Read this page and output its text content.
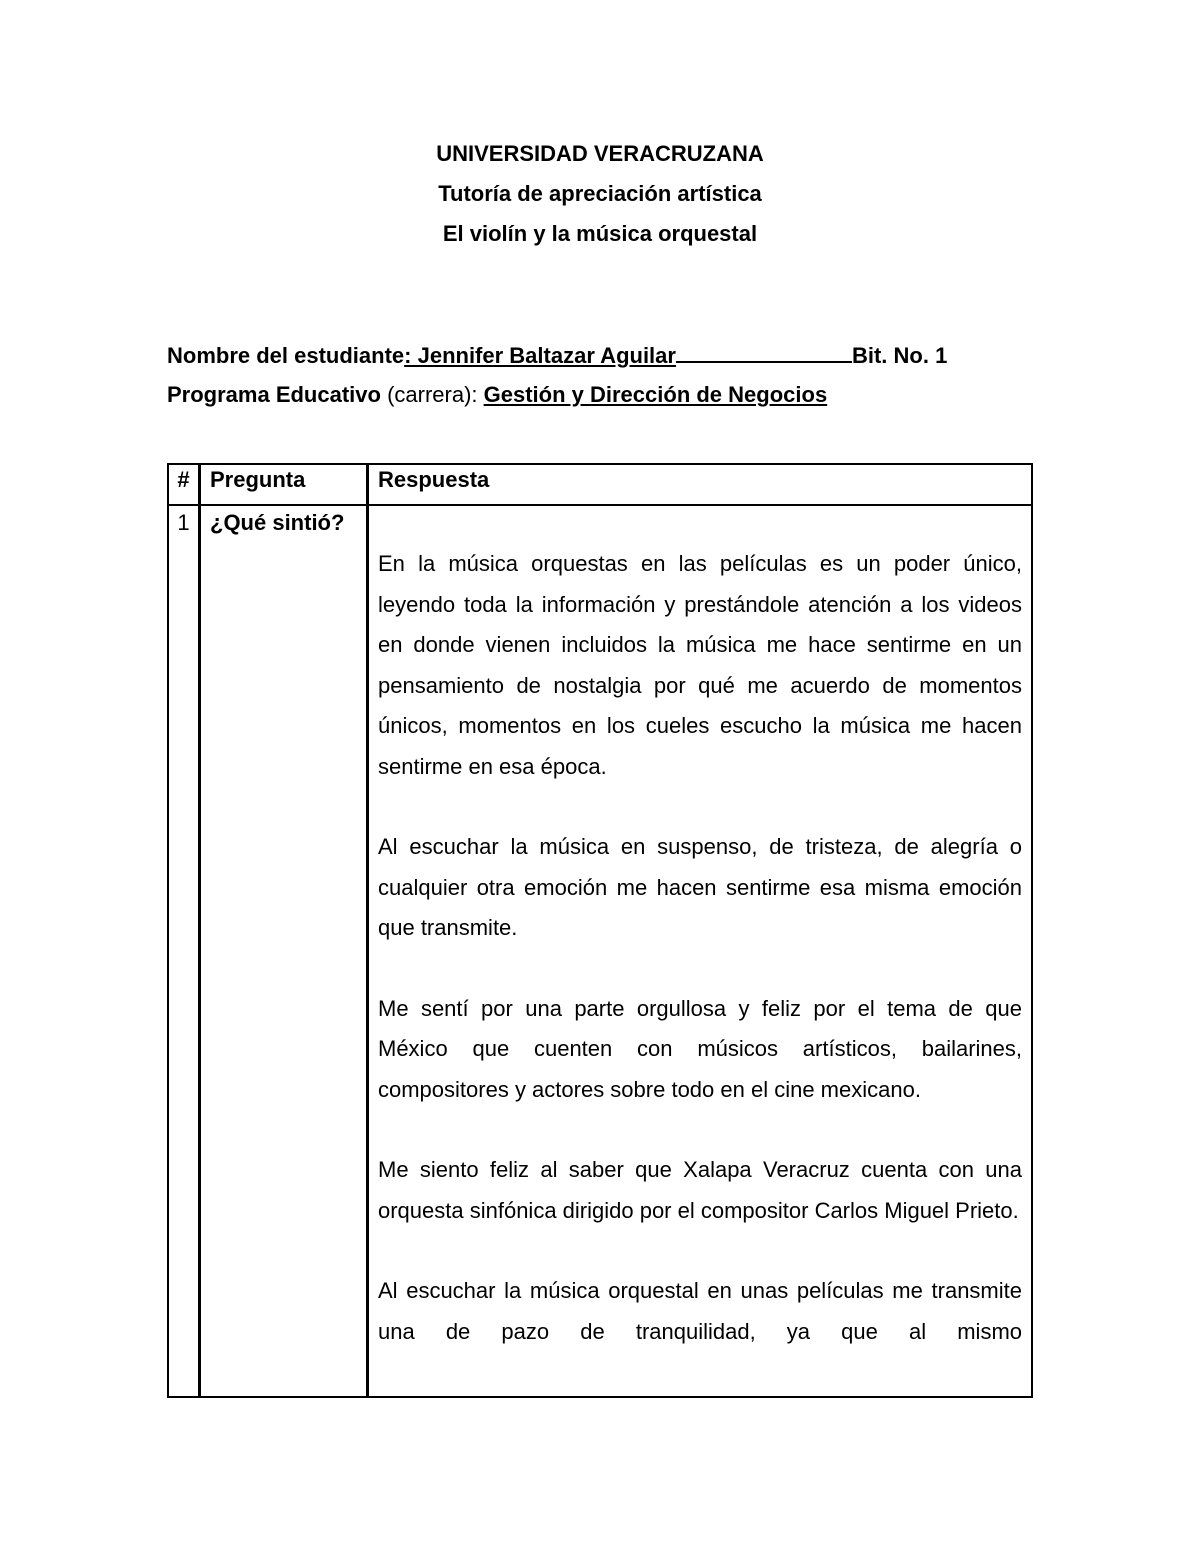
UNIVERSIDAD VERACRUZANA
Tutoría de apreciación artística
El violín y la música orquestal
Nombre del estudiante: Jennifer Baltazar Aguilar	Bit. No. 1
Programa Educativo (carrera): Gestión y Dirección de Negocios
#	Pregunta	Respuesta
1	¿Qué sintió?	En la música orquestas en las películas es un poder único, leyendo toda la información y prestándole atención a los videos en donde vienen incluidos la música me hace sentirme en un pensamiento de nostalgia por qué me acuerdo de momentos únicos, momentos en los cueles escucho la música me hacen sentirme en esa época.

Al escuchar la música en suspenso, de tristeza, de alegría o cualquier otra emoción me hacen sentirme esa misma emoción que transmite.

Me sentí por una parte orgullosa y feliz por el tema de que México que cuenten con músicos artísticos, bailarines, compositores y actores sobre todo en el cine mexicano.

Me siento feliz al saber que Xalapa Veracruz cuenta con una orquesta sinfónica dirigido por el compositor Carlos Miguel Prieto.

Al escuchar la música orquestal en unas películas me transmite una de pazo de tranquilidad, ya que al mismo
